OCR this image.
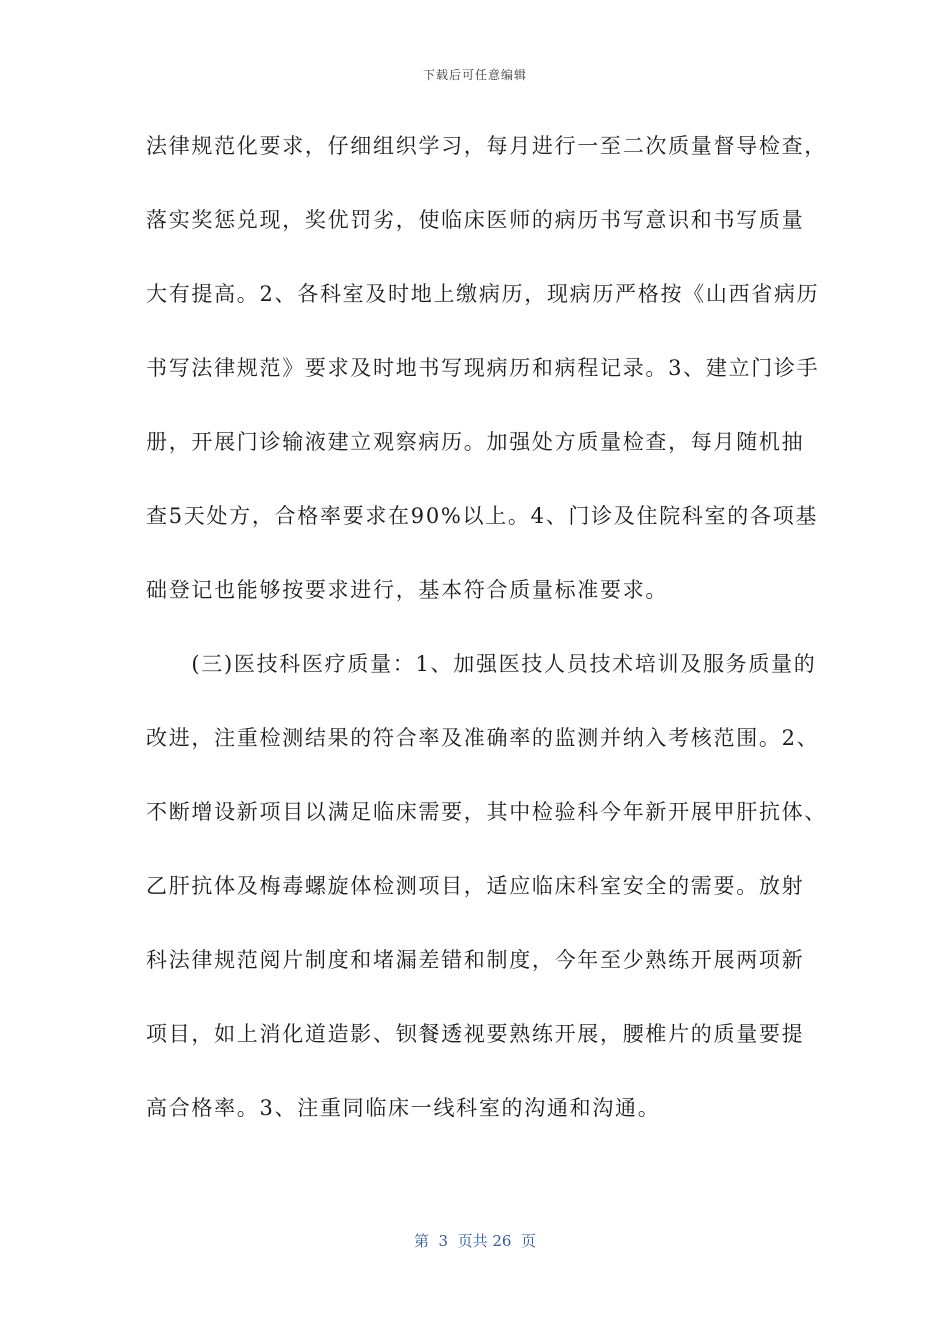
下载后可任意编辑
法律规范化要求，仔细组织学习，每月进行一至二次质量督导检查，
落实奖惩兑现，奖优罚劣，使临床医师的病历书写意识和书写质量
大有提高。2、各科室及时地上缴病历，现病历严格按《山西省病历
书写法律规范》要求及时地书写现病历和病程记录。3、建立门诊手
册，开展门诊输液建立观察病历。加强处方质量检查，每月随机抽
查5天处方，合格率要求在90%以上。4、门诊及住院科室的各项基
础登记也能够按要求进行，基本符合质量标准要求。
　　(三)医技科医疗质量：1、加强医技人员技术培训及服务质量的
改进，注重检测结果的符合率及准确率的监测并纳入考核范围。2、
不断增设新项目以满足临床需要，其中检验科今年新开展甲肝抗体、
乙肝抗体及梅毒螺旋体检测项目，适应临床科室安全的需要。放射
科法律规范阅片制度和堵漏差错和制度，今年至少熟练开展两项新
项目，如上消化道造影、钡餐透视要熟练开展，腰椎片的质量要提
高合格率。3、注重同临床一线科室的沟通和沟通。
第  3  页共 26  页
